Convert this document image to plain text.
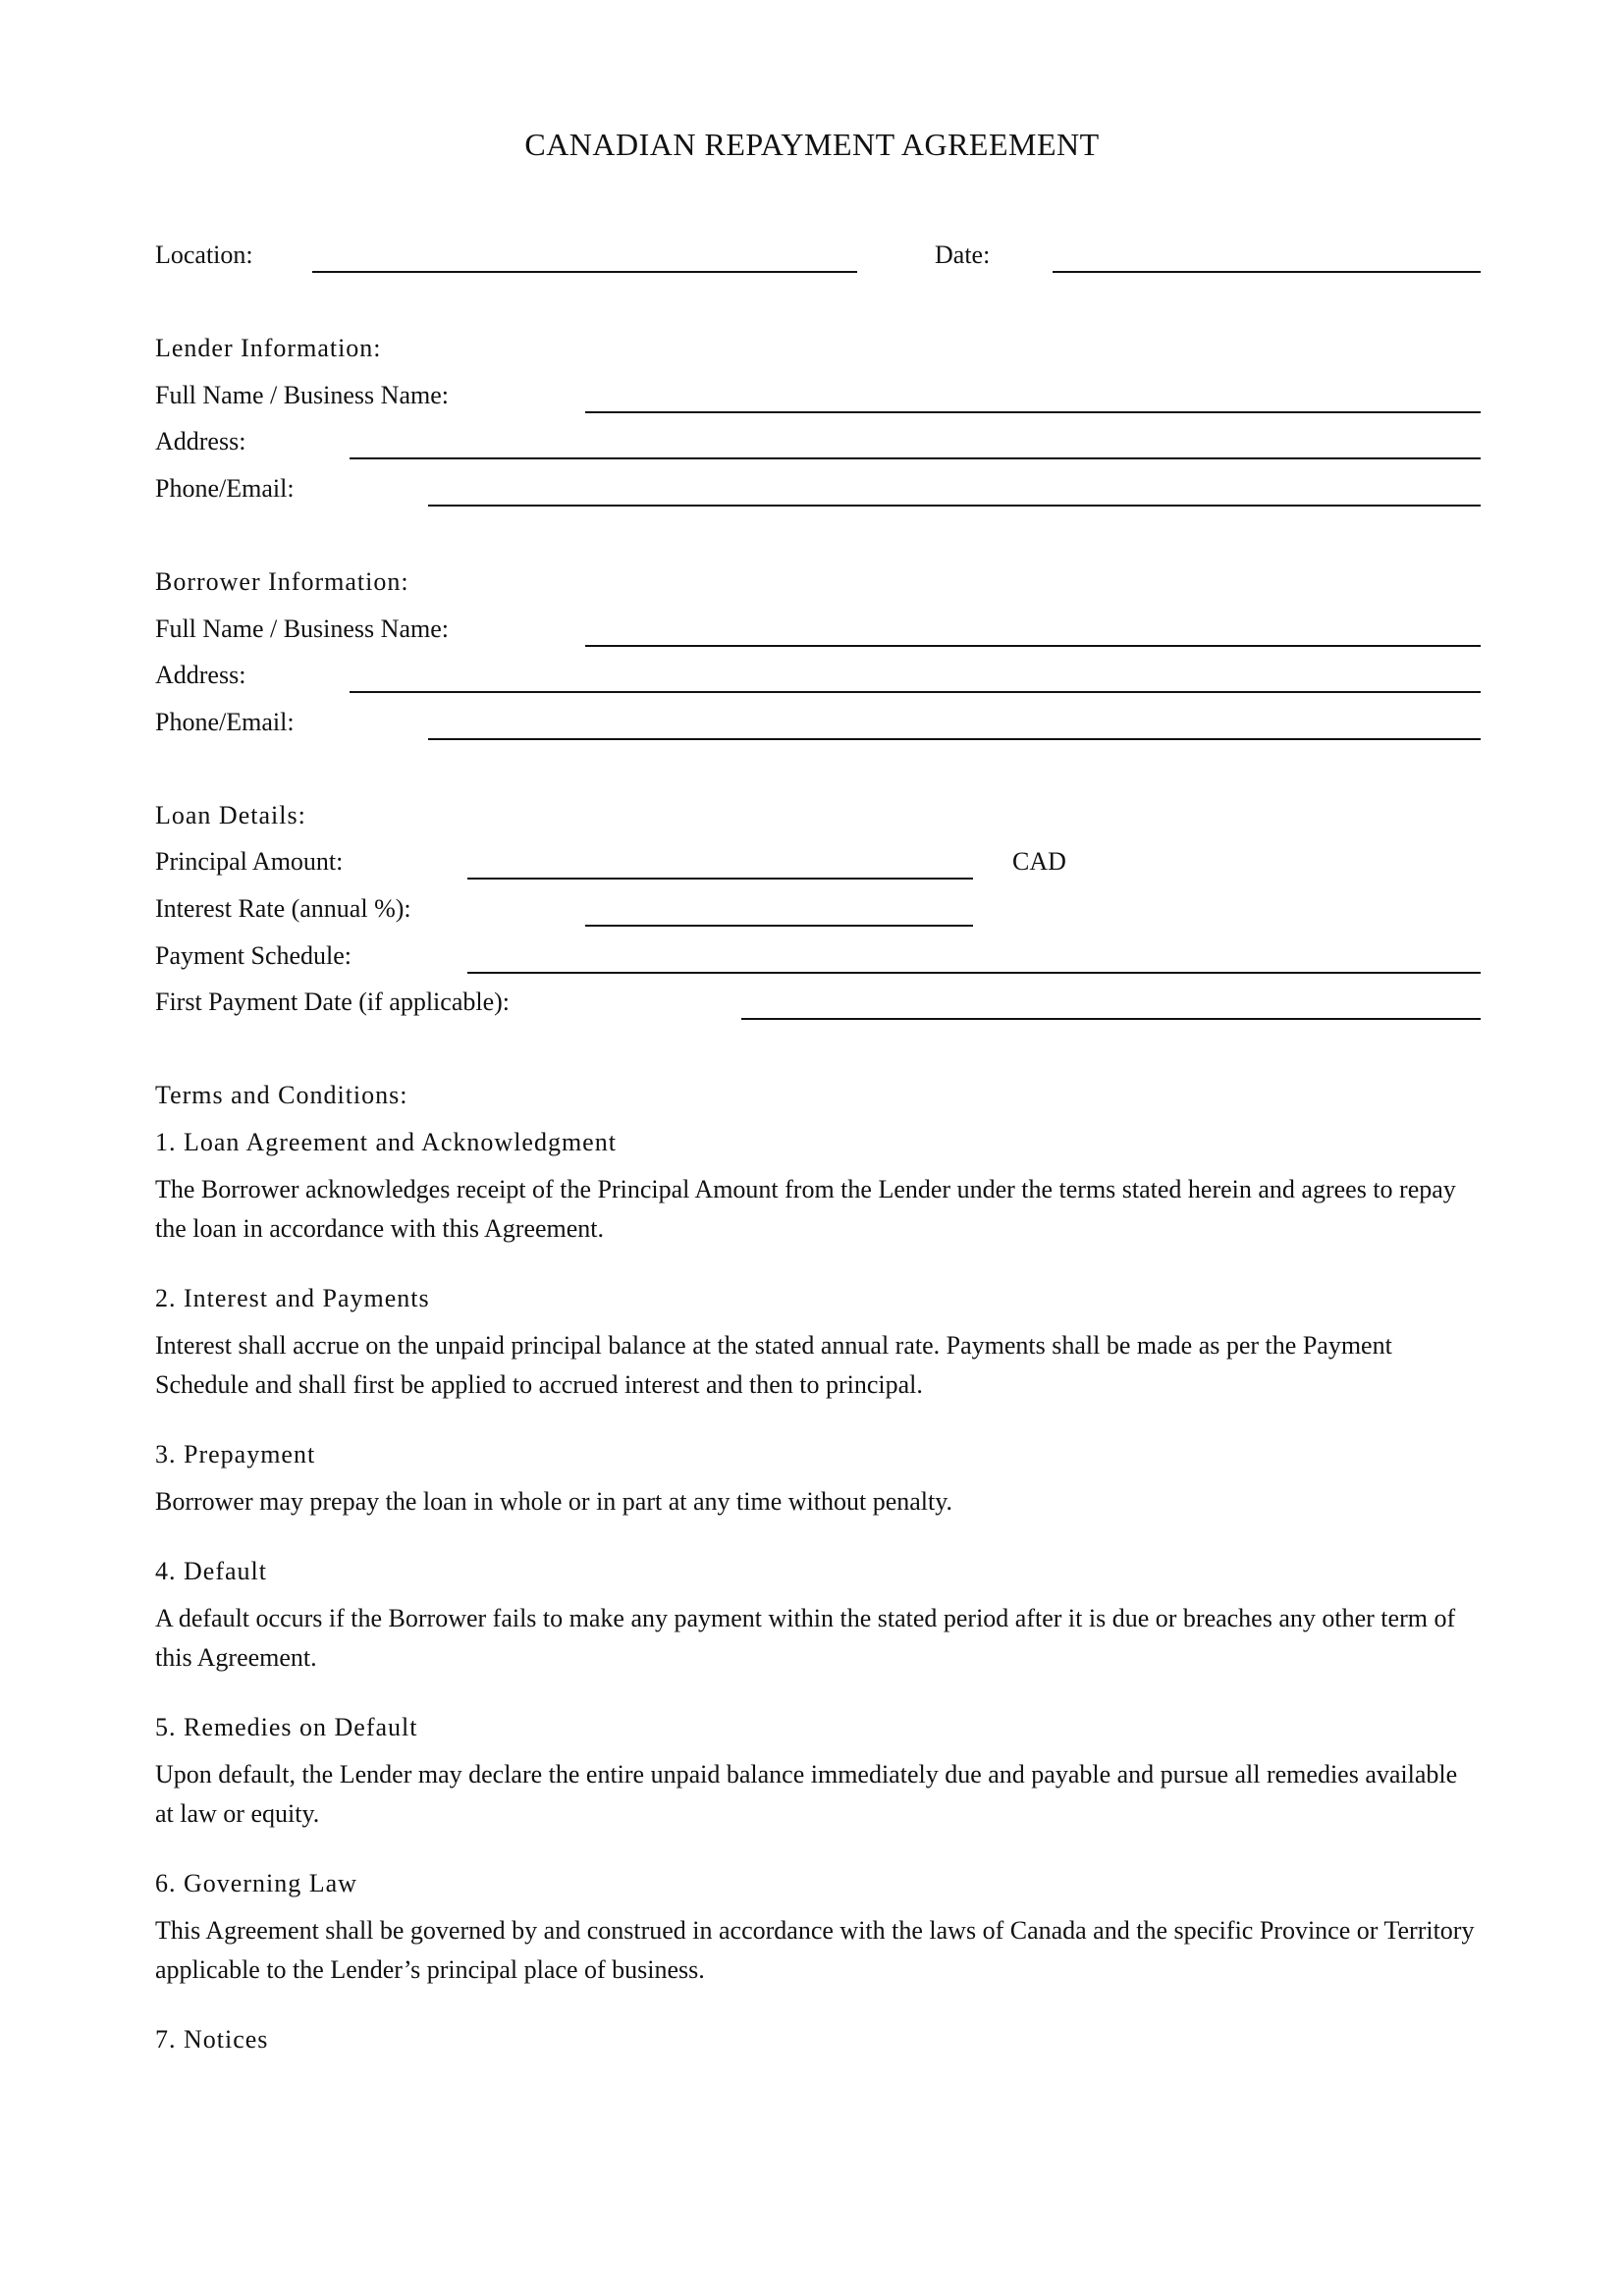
CANADIAN REPAYMENT AGREEMENT
Location:	Date:
Lender Information:
Full Name / Business Name:
Address:
Phone/Email:
Borrower Information:
Full Name / Business Name:
Address:
Phone/Email:
Loan Details:
Principal Amount:	CAD
Interest Rate (annual %):
Payment Schedule:
First Payment Date (if applicable):
Terms and Conditions:
1. Loan Agreement and Acknowledgment
The Borrower acknowledges receipt of the Principal Amount from the Lender under the terms stated herein and agrees to repay the loan in accordance with this Agreement.
2. Interest and Payments
Interest shall accrue on the unpaid principal balance at the stated annual rate. Payments shall be made as per the Payment Schedule and shall first be applied to accrued interest and then to principal.
3. Prepayment
Borrower may prepay the loan in whole or in part at any time without penalty.
4. Default
A default occurs if the Borrower fails to make any payment within the stated period after it is due or breaches any other term of this Agreement.
5. Remedies on Default
Upon default, the Lender may declare the entire unpaid balance immediately due and payable and pursue all remedies available at law or equity.
6. Governing Law
This Agreement shall be governed by and construed in accordance with the laws of Canada and the specific Province or Territory applicable to the Lender’s principal place of business.
7. Notices
